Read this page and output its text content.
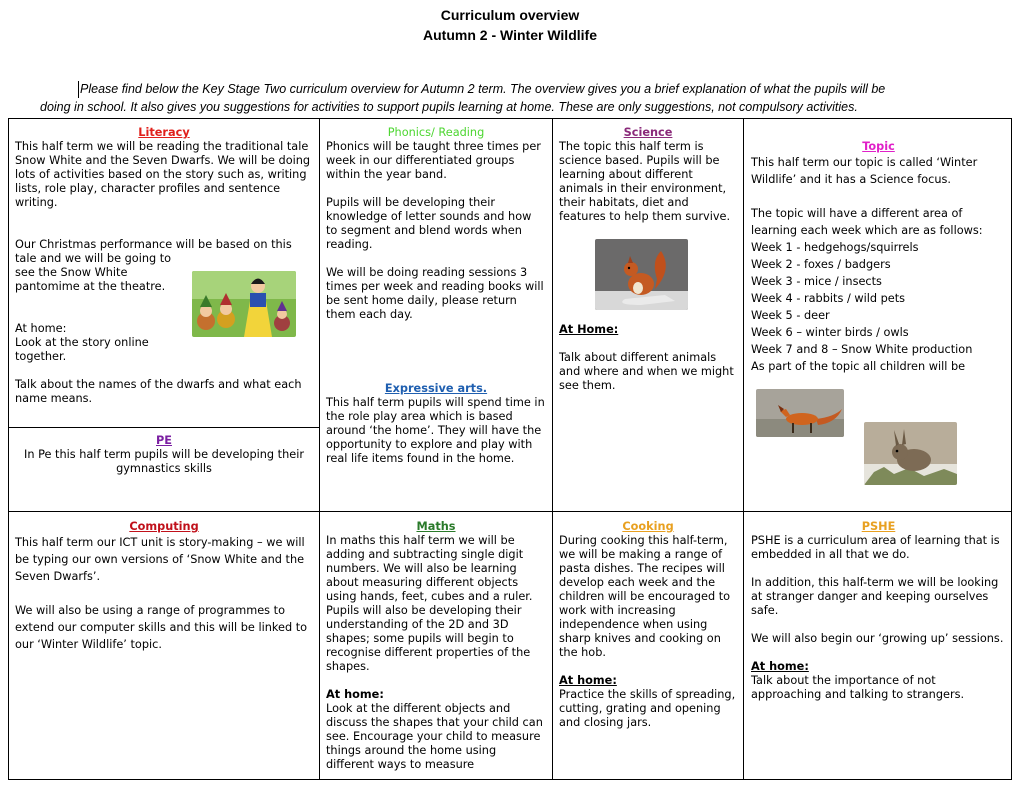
Curriculum overview
Autumn 2 - Winter Wildlife
Please find below the Key Stage Two curriculum overview for Autumn 2 term. The overview gives you a brief explanation of what the pupils will be
doing in school. It also gives you suggestions for activities to support pupils learning at home. These are only suggestions, not compulsory activities.
Literacy

This half term we will be reading the traditional tale Snow White and the Seven Dwarfs. We will be doing lots of activities based on the story such as, writing lists, role play, character profiles and sentence writing.

Our Christmas performance will be based on this tale and we will be going to
see the Snow White
pantomime at the theatre.
At home:
Look at the story online
together.
Talk about the names of the dwarfs and what each name means.
PE
In Pe this half term pupils will be developing their gymnastics skills
Phonics/ Reading

Phonics will be taught three times per week in our differentiated groups within the year band.

Pupils will be developing their knowledge of letter sounds and how to segment and blend words when reading.

We will be doing reading sessions 3 times per week and reading books will be sent home daily, please return them each day.

Expressive arts.
This half term pupils will spend time in the role play area which is based around ‘the home’. They will have the opportunity to explore and play with real life items found in the home.
Science
The topic this half term is science based. Pupils will be learning about different animals in their environment, their habitats, diet and features to help them survive.
At Home:
Talk about different animals and where and when we might see them.
Topic
This half term our topic is called ‘Winter Wildlife’ and it has a Science focus.
The topic will have a different area of learning each week which are as follows:
Week 1 - hedgehogs/squirrels
Week 2 - foxes / badgers
Week 3 - mice / insects
Week 4 - rabbits / wild pets
Week 5 - deer
Week 6 – winter birds / owls
Week 7 and 8 – Snow White production
As part of the topic all children will be
Computing
This half term our ICT unit is story-making – we will be typing our own versions of ‘Snow White and the Seven Dwarfs’.
We will also be using a range of programmes to extend our computer skills and this will be linked to our ‘Winter Wildlife’ topic.
Maths

In maths this half term we will be adding and subtracting single digit numbers. We will also be learning about measuring different objects using hands, feet, cubes and a ruler. Pupils will also be developing their understanding of the 2D and 3D shapes; some pupils will begin to recognise different properties of the shapes.

At home:
Look at the different objects and discuss the shapes that your child can see. Encourage your child to measure things around the home using different ways to measure
Cooking

During cooking this half-term, we will be making a range of pasta dishes. The recipes will develop each week and the children will be encouraged to work with increasing independence when using sharp knives and cooking on the hob.

At home:
Practice the skills of spreading, cutting, grating and opening and closing jars.
PSHE

PSHE is a curriculum area of learning that is embedded in all that we do.

In addition, this half-term we will be looking at stranger danger and keeping ourselves safe.

We will also begin our ‘growing up’ sessions.

At home:
Talk about the importance of not approaching and talking to strangers.
